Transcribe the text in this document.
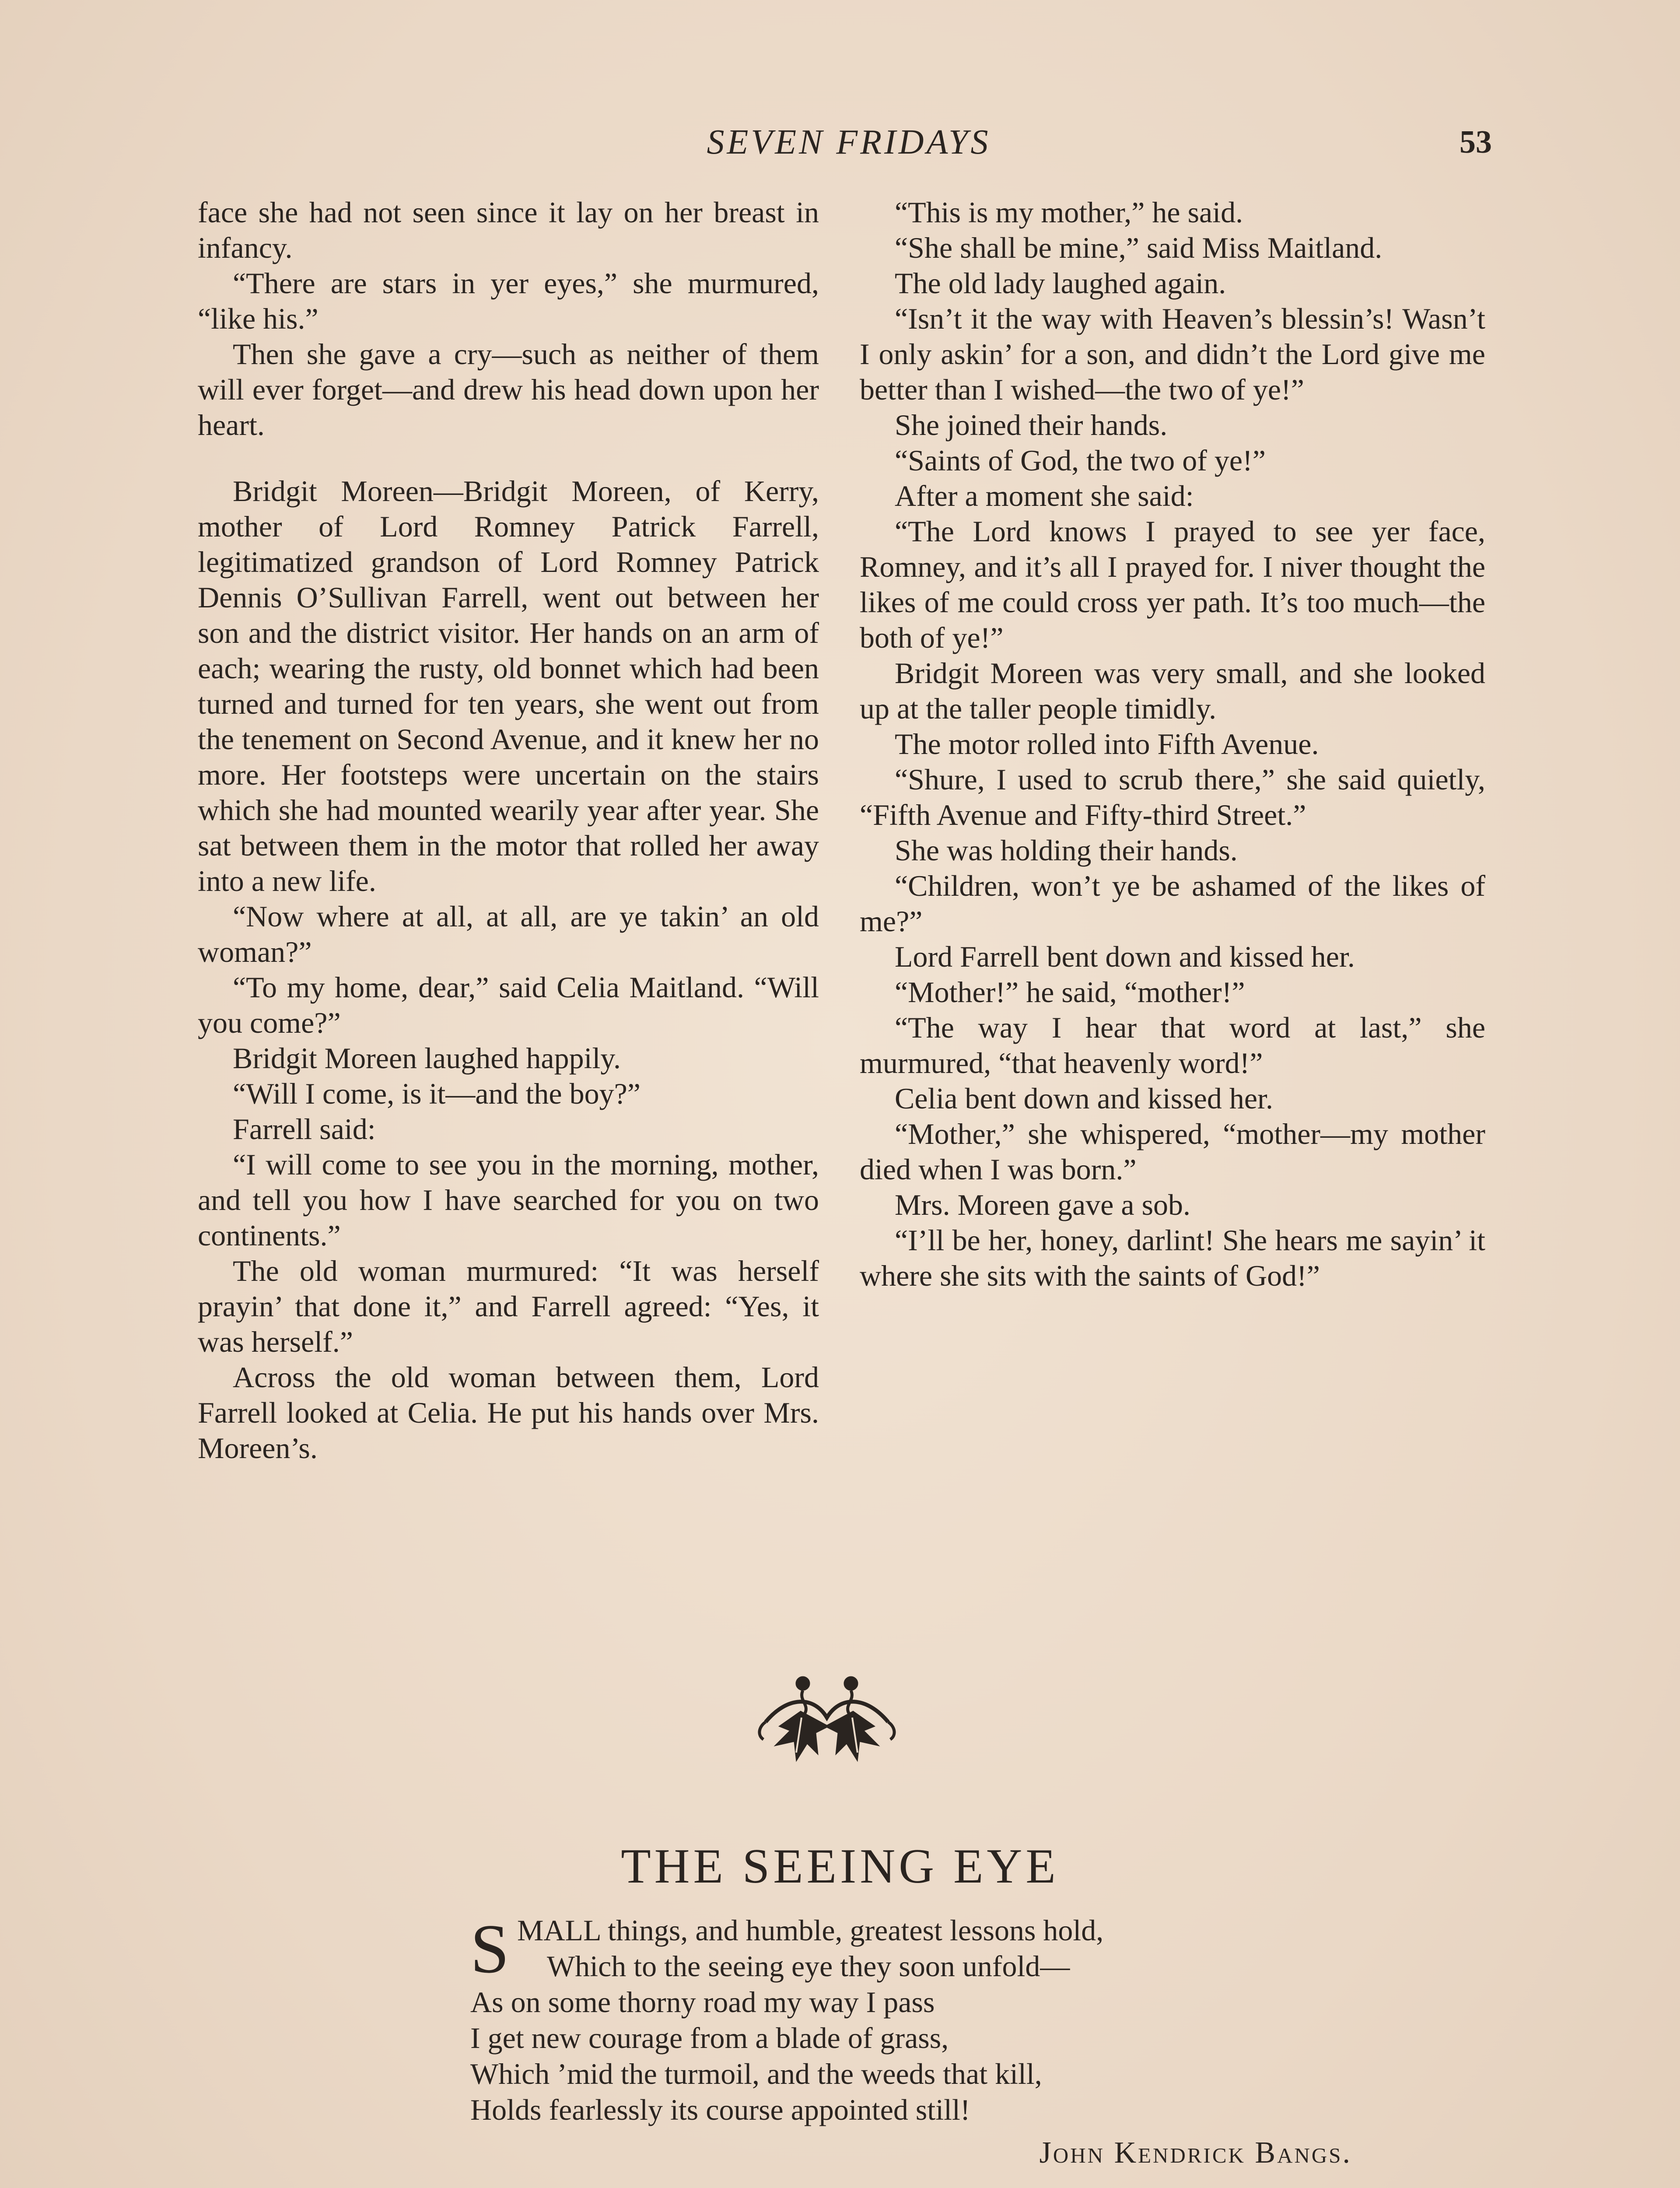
SEVEN FRIDAYS	53

face she had not seen since it lay on her breast in infancy.

“There are stars in yer eyes,” she murmured, “like his.”

Then she gave a cry—such as neither of them will ever forget—and drew his head down upon her heart.

Bridgit Moreen—Bridgit Moreen, of Kerry, mother of Lord Romney Patrick Farrell, legitimatized grandson of Lord Romney Patrick Dennis O’Sullivan Farrell, went out between her son and the district visitor. Her hands on an arm of each; wearing the rusty, old bonnet which had been turned and turned for ten years, she went out from the tenement on Second Avenue, and it knew her no more. Her footsteps were uncertain on the stairs which she had mounted wearily year after year. She sat between them in the motor that rolled her away into a new life.

“Now where at all, at all, are ye takin’ an old woman?”

“To my home, dear,” said Celia Maitland. “Will you come?”

Bridgit Moreen laughed happily.

“Will I come, is it—and the boy?”

Farrell said:

“I will come to see you in the morning, mother, and tell you how I have searched for you on two continents.”

The old woman murmured: “It was herself prayin’ that done it,” and Farrell agreed: “Yes, it was herself.”

Across the old woman between them, Lord Farrell looked at Celia. He put his hands over Mrs. Moreen’s.

“This is my mother,” he said.

“She shall be mine,” said Miss Maitland.

The old lady laughed again.

“Isn’t it the way with Heaven’s blessin’s! Wasn’t I only askin’ for a son, and didn’t the Lord give me better than I wished—the two of ye!”

She joined their hands.

“Saints of God, the two of ye!”

After a moment she said:

“The Lord knows I prayed to see yer face, Romney, and it’s all I prayed for. I niver thought the likes of me could cross yer path. It’s too much—the both of ye!”

Bridgit Moreen was very small, and she looked up at the taller people timidly.

The motor rolled into Fifth Avenue.

“Shure, I used to scrub there,” she said quietly, “Fifth Avenue and Fifty-third Street.”

She was holding their hands.

“Children, won’t ye be ashamed of the likes of me?”

Lord Farrell bent down and kissed her.

“Mother!” he said, “mother!”

“The way I hear that word at last,” she murmured, “that heavenly word!”

Celia bent down and kissed her.

“Mother,” she whispered, “mother—my mother died when I was born.”

Mrs. Moreen gave a sob.

“I’ll be her, honey, darlint! She hears me sayin’ it where she sits with the saints of God!”

THE SEEING EYE
SMALL things, and humble, greatest lessons hold,
Which to the seeing eye they soon unfold—
As on some thorny road my way I pass
I get new courage from a blade of grass,
Which ’mid the turmoil, and the weeds that kill,
Holds fearlessly its course appointed still!
John Kendrick Bangs.
